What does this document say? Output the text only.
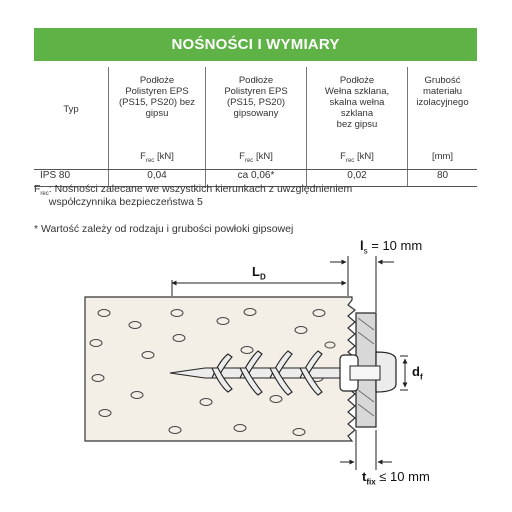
NOŚNOŚCI I WYMIARY
Typ	Podłoże
Polistyren EPS
(PS15, PS20) bez
gipsu	Podłoże
Polistyren EPS
(PS15, PS20)
gipsowany	Podłoże
Wełna szklana,
skalna wełna
szklana
bez gipsu	Grubość
materiału
izolacyjnego
	$F_{rec}$ [kN]	$F_{rec}$ [kN]	$F_{rec}$ [kN]	[mm]
IPS 80	0,04	ca 0,06*	0,02	80
$F_{rec}$ : Nośności zalecane we wszystkich kierunkach z uwzględnieniem
współczynnika bezpieczeństwa 5
* Wartość zależy od rodzaju i grubości powłoki gipsowej
$l_s = 10$ mm
$L_D$
$d_f$
$t_{fix} \le 10$ mm
